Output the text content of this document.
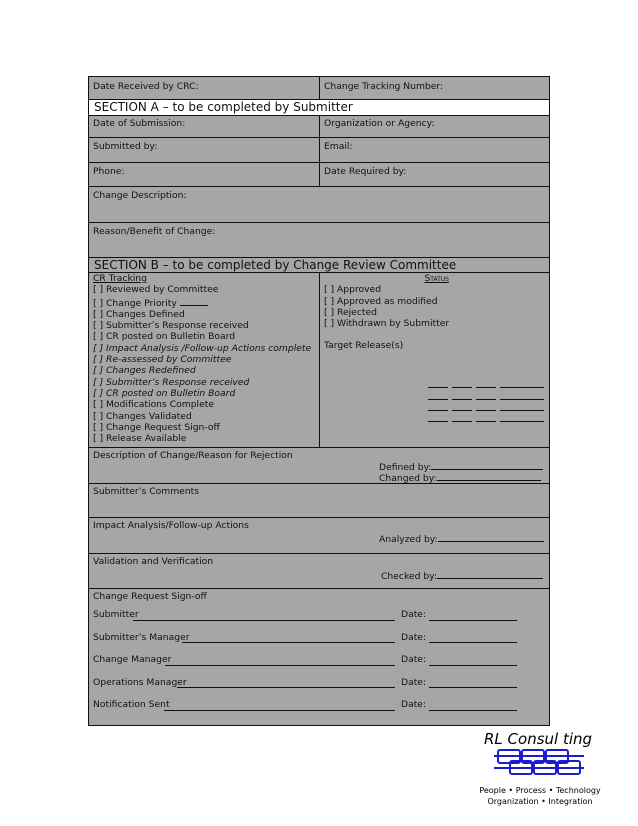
Date Received by CRC:	Change Tracking Number:
SECTION A – to be completed by Submitter
Date of Submission:	Organization or Agency:
Submitted by:	Email:
Phone:	Date Required by:
Change Description:
Reason/Benefit of Change:
SECTION B – to be completed by Change Review Committee
CR Tracking
[ ] Reviewed by Committee
[ ] Change Priority
[ ] Changes Defined
[ ] Submitter’s Response received
[ ] CR posted on Bulletin Board
[ ] Impact Analysis /Follow-up Actions complete
[ ] Re-assessed by Committee
[ ] Changes Redefined
[ ] Submitter’s Response received
[ ] CR posted on Bulletin Board
[ ] Modifications Complete
[ ] Changes Validated
[ ] Change Request Sign-off
[ ] Release Available
Status
[ ] Approved
[ ] Approved as modified
[ ] Rejected
[ ] Withdrawn by Submitter
Target Release(s)
Description of Change/Reason for Rejection
Defined by:
Changed by:
Submitter’s Comments
Impact Analysis/Follow-up Actions
Analyzed by:
Validation and Verification
Checked by:
Change Request Sign-off
Submitter	Date:
Submitter’s Manager	Date:
Change Manager	Date:
Operations Manager	Date:
Notification Sent	Date:
RL Consul ting
People • Process • Technology
Organization • Integration
